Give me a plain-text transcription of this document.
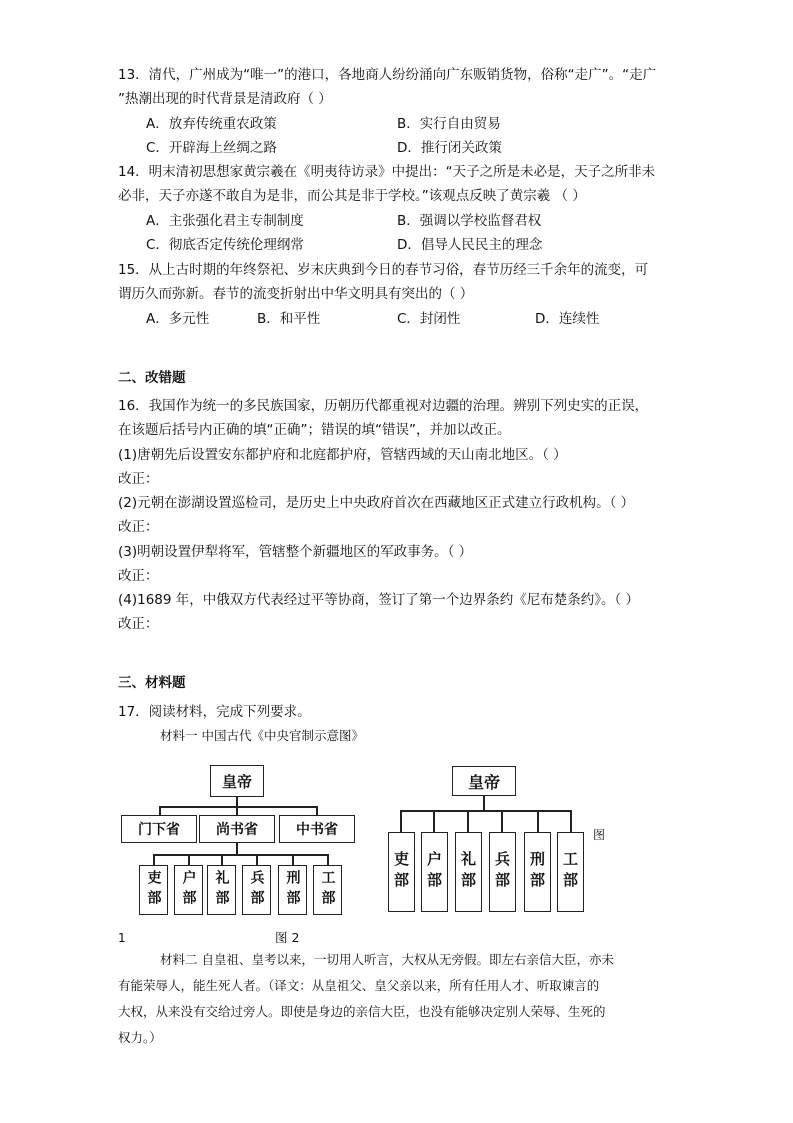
13．清代，广州成为“唯一”的港口，各地商人纷纷涌向广东贩销货物，俗称“走广”。“走广
”热潮出现的时代背景是清政府（ ）
A．放弃传统重农政策	B．实行自由贸易
C．开辟海上丝绸之路	D．推行闭关政策
14．明末清初思想家黄宗羲在《明夷待访录》中提出：“天子之所是未必是，天子之所非未
必非，天子亦遂不敢自为是非，而公其是非于学校。”该观点反映了黄宗羲 （ ）
A．主张强化君主专制制度	B．强调以学校监督君权
C．彻底否定传统伦理纲常	D．倡导人民民主的理念
15．从上古时期的年终祭祀、岁末庆典到今日的春节习俗，春节历经三千余年的流变，可
谓历久而弥新。春节的流变折射出中华文明具有突出的（ ）
A．多元性	B．和平性	C．封闭性	D．连续性
二、改错题
16．我国作为统一的多民族国家，历朝历代都重视对边疆的治理。辨别下列史实的正误，
在该题后括号内正确的填“正确”；错误的填“错误”，并加以改正。
(1)唐朝先后设置安东都护府和北庭都护府，管辖西域的天山南北地区。（ ）
改正：
(2)元朝在澎湖设置巡检司，是历史上中央政府首次在西藏地区正式建立行政机构。（ ）
改正：
(3)明朝设置伊犁将军，管辖整个新疆地区的军政事务。（ ）
改正：
(4)1689 年，中俄双方代表经过平等协商，签订了第一个边界条约《尼布楚条约》。（ ）
改正：
三、材料题
17．阅读材料，完成下列要求。
材料一 中国古代《中央官制示意图》
皇帝
门下省	尚书省	中书省
吏部	户部	礼部	兵部	刑部	工部
皇帝
吏部	户部	礼部	兵部	刑部	工部
图
1	图 2
材料二 自皇祖、皇考以来，一切用人听言，大权从无旁假。即左右亲信大臣，亦未
有能荣辱人，能生死人者。（译文：从皇祖父、皇父亲以来，所有任用人才、听取谏言的
大权，从来没有交给过旁人。即使是身边的亲信大臣，也没有能够决定别人荣辱、生死的
权力。）
